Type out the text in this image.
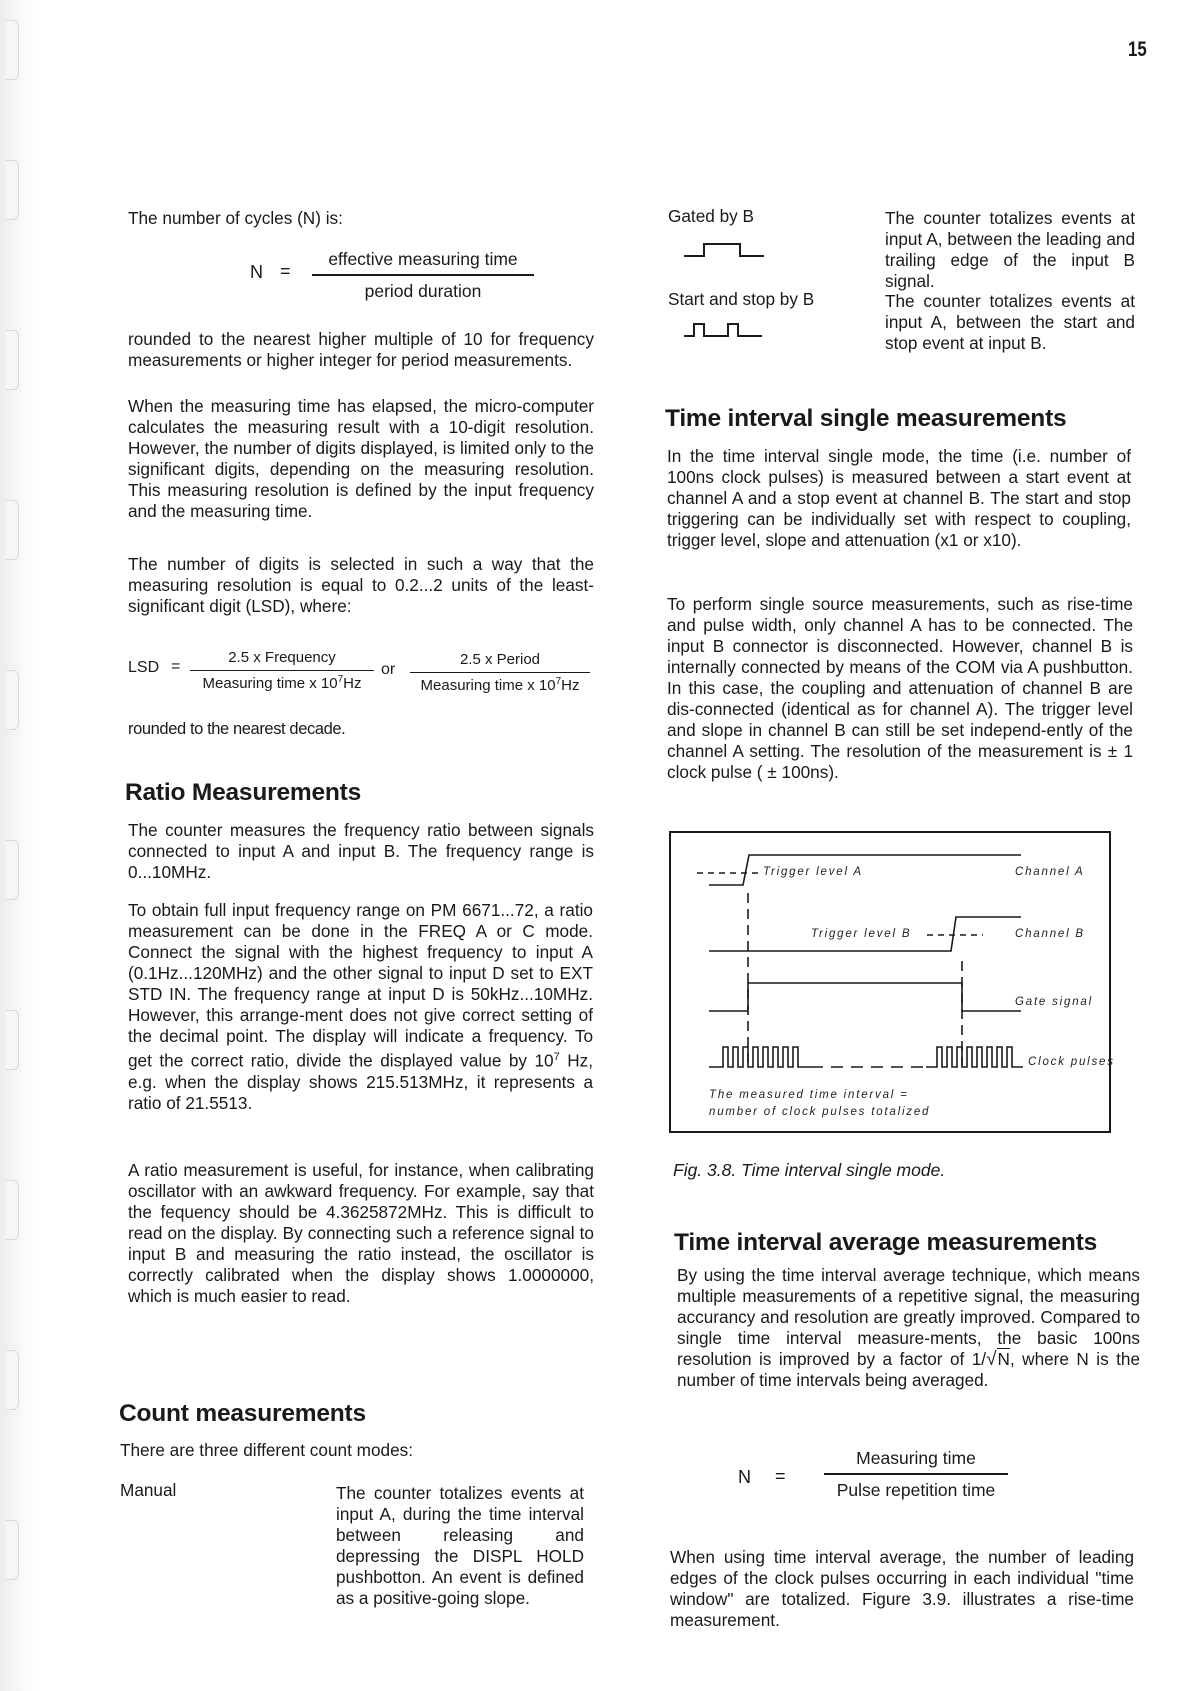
15

The number of cycles (N) is:

N =
effective measuring time
period duration

rounded to the nearest higher multiple of 10 for frequency measurements or higher integer for period measurements.

When the measuring time has elapsed, the micro-computer calculates the measuring result with a 10-digit resolution. However, the number of digits displayed, is limited only to the significant digits, depending on the measuring resolution. This measuring resolution is defined by the input frequency and the measuring time.

The number of digits is selected in such a way that the measuring resolution is equal to 0.2...2 units of the least-significant digit (LSD), where:

LSD =
2.5 x Frequency
Measuring time x $10^7Hz$
or
2.5 x Period
Measuring time x $10^7Hz$

rounded to the nearest decade.

Ratio Measurements

The counter measures the frequency ratio between signals connected to input A and input B. The frequency range is 0...10MHz.

To obtain full input frequency range on PM 6671...72, a ratio measurement can be done in the FREQ A or C mode. Connect the signal with the highest frequency to input A (0.1Hz...120MHz) and the other signal to input D set to EXT STD IN. The frequency range at input D is 50kHz...10MHz. However, this arrange-ment does not give correct setting of the decimal point. The display will indicate a frequency. To get the correct ratio, divide the displayed value by $10^7$ Hz, e.g. when the display shows 215.513MHz, it represents a ratio of 21.5513.

A ratio measurement is useful, for instance, when calibrating oscillator with an awkward frequency. For example, say that the fequency should be 4.3625872MHz. This is difficult to read on the display. By connecting such a reference signal to input B and measuring the ratio instead, the oscillator is correctly calibrated when the display shows 1.0000000, which is much easier to read.

Count measurements

There are three different count modes:

Manual	The counter totalizes events at input A, during the time interval between releasing and depressing the DISPL HOLD pushbotton. An event is defined as a positive-going slope.

Gated by B	The counter totalizes events at input A, between the leading and trailing edge of the input B signal.

Start and stop by B	The counter totalizes events at input A, between the start and stop event at input B.

Time interval single measurements

In the time interval single mode, the time (i.e. number of 100ns clock pulses) is measured between a start event at channel A and a stop event at channel B. The start and stop triggering can be individually set with respect to coupling, trigger level, slope and attenuation (x1 or x10).

To perform single source measurements, such as rise-time and pulse width, only channel A has to be connected. The input B connector is disconnected. However, channel B is internally connected by means of the COM via A pushbutton. In this case, the coupling and attenuation of channel B are dis-connected (identical as for channel A). The trigger level and slope in channel B can still be set independ-ently of the channel A setting. The resolution of the measurement is ± 1 clock pulse ( ± 100ns).

Trigger level A	Channel A
Trigger level B	Channel B
Gate signal
Clock pulses
The measured time interval =
number of clock pulses totalized
Fig. 3.8. Time interval single mode.
Time interval average measurements

By using the time interval average technique, which means multiple measurements of a repetitive signal, the measuring accurancy and resolution are greatly improved. Compared to single time interval measure-ments, the basic 100ns resolution is improved by a factor of 1/√N, where N is the number of time intervals being averaged.

N =
Measuring time
Pulse repetition time

When using time interval average, the number of leading edges of the clock pulses occurring in each individual "time window" are totalized. Figure 3.9. illustrates a rise-time measurement.
